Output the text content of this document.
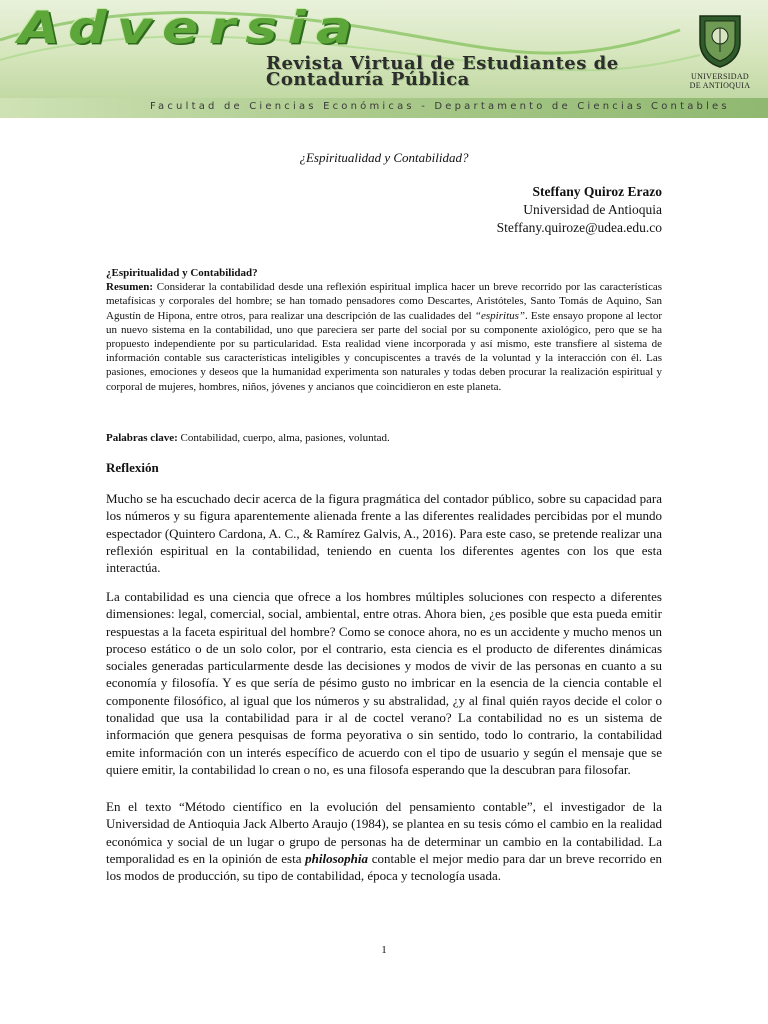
Adversia
Revista Virtual de Estudiantes de
Contaduría Pública
Facultad de Ciencias Económicas - Departamento de Ciencias Contables
UNIVERSIDAD
DE ANTIOQUIA
¿Espiritualidad y Contabilidad?
Steffany Quiroz Erazo
Universidad de Antioquia
Steffany.quiroze@udea.edu.co
¿Espiritualidad y Contabilidad?
Resumen: Considerar la contabilidad desde una reflexión espiritual implica hacer un breve recorrido por las características metafísicas y corporales del hombre; se han tomado pensadores como Descartes, Aristóteles, Santo Tomás de Aquino, San Agustín de Hipona, entre otros, para realizar una descripción de las cualidades del “espiritus”. Este ensayo propone al lector un nuevo sistema en la contabilidad, uno que pareciera ser parte del social por su componente axiológico, pero que se ha propuesto independiente por su particularidad. Esta realidad viene incorporada y así mismo, este transfiere al sistema de información contable sus características inteligibles y concupiscentes a través de la voluntad y la interacción con él. Las pasiones, emociones y deseos que la humanidad experimenta son naturales y todas deben procurar la realización espiritual y corporal de mujeres, hombres, niños, jóvenes y ancianos que coincidieron en este planeta.
Palabras clave: Contabilidad, cuerpo, alma, pasiones, voluntad.
Reflexión

Mucho se ha escuchado decir acerca de la figura pragmática del contador público, sobre su capacidad para los números y su figura aparentemente alienada frente a las diferentes realidades percibidas por el mundo espectador (Quintero Cardona, A. C., & Ramírez Galvis, A., 2016). Para este caso, se pretende realizar una reflexión espiritual en la contabilidad, teniendo en cuenta los diferentes agentes con los que esta interactúa.

La contabilidad es una ciencia que ofrece a los hombres múltiples soluciones con respecto a diferentes dimensiones: legal, comercial, social, ambiental, entre otras. Ahora bien, ¿es posible que esta pueda emitir respuestas a la faceta espiritual del hombre? Como se conoce ahora, no es un accidente y mucho menos un proceso estático o de un solo color, por el contrario, esta ciencia es el producto de diferentes dinámicas sociales generadas particularmente desde las decisiones y modos de vivir de las personas en cuanto a su economía y filosofía. Y es que sería de pésimo gusto no imbricar en la esencia de la ciencia contable el componente filosófico, al igual que los números y su abstralidad, ¿y al final quién rayos decide el color o tonalidad que usa la contabilidad para ir al de coctel verano? La contabilidad no es un sistema de información que genera pesquisas de forma peyorativa o sin sentido, todo lo contrario, la contabilidad emite información con un interés específico de acuerdo con el tipo de usuario y según el mensaje que se quiere emitir, la contabilidad lo crean o no, es una filosofa esperando que la descubran para filosofar.

En el texto “Método científico en la evolución del pensamiento contable”, el investigador de la Universidad de Antioquia Jack Alberto Araujo (1984), se plantea en su tesis cómo el cambio en la realidad económica y social de un lugar o grupo de personas ha de determinar un cambio en la contabilidad. La temporalidad es en la opinión de esta philosophia contable el mejor medio para dar un breve recorrido en los modos de producción, su tipo de contabilidad, época y tecnología usada.

1
